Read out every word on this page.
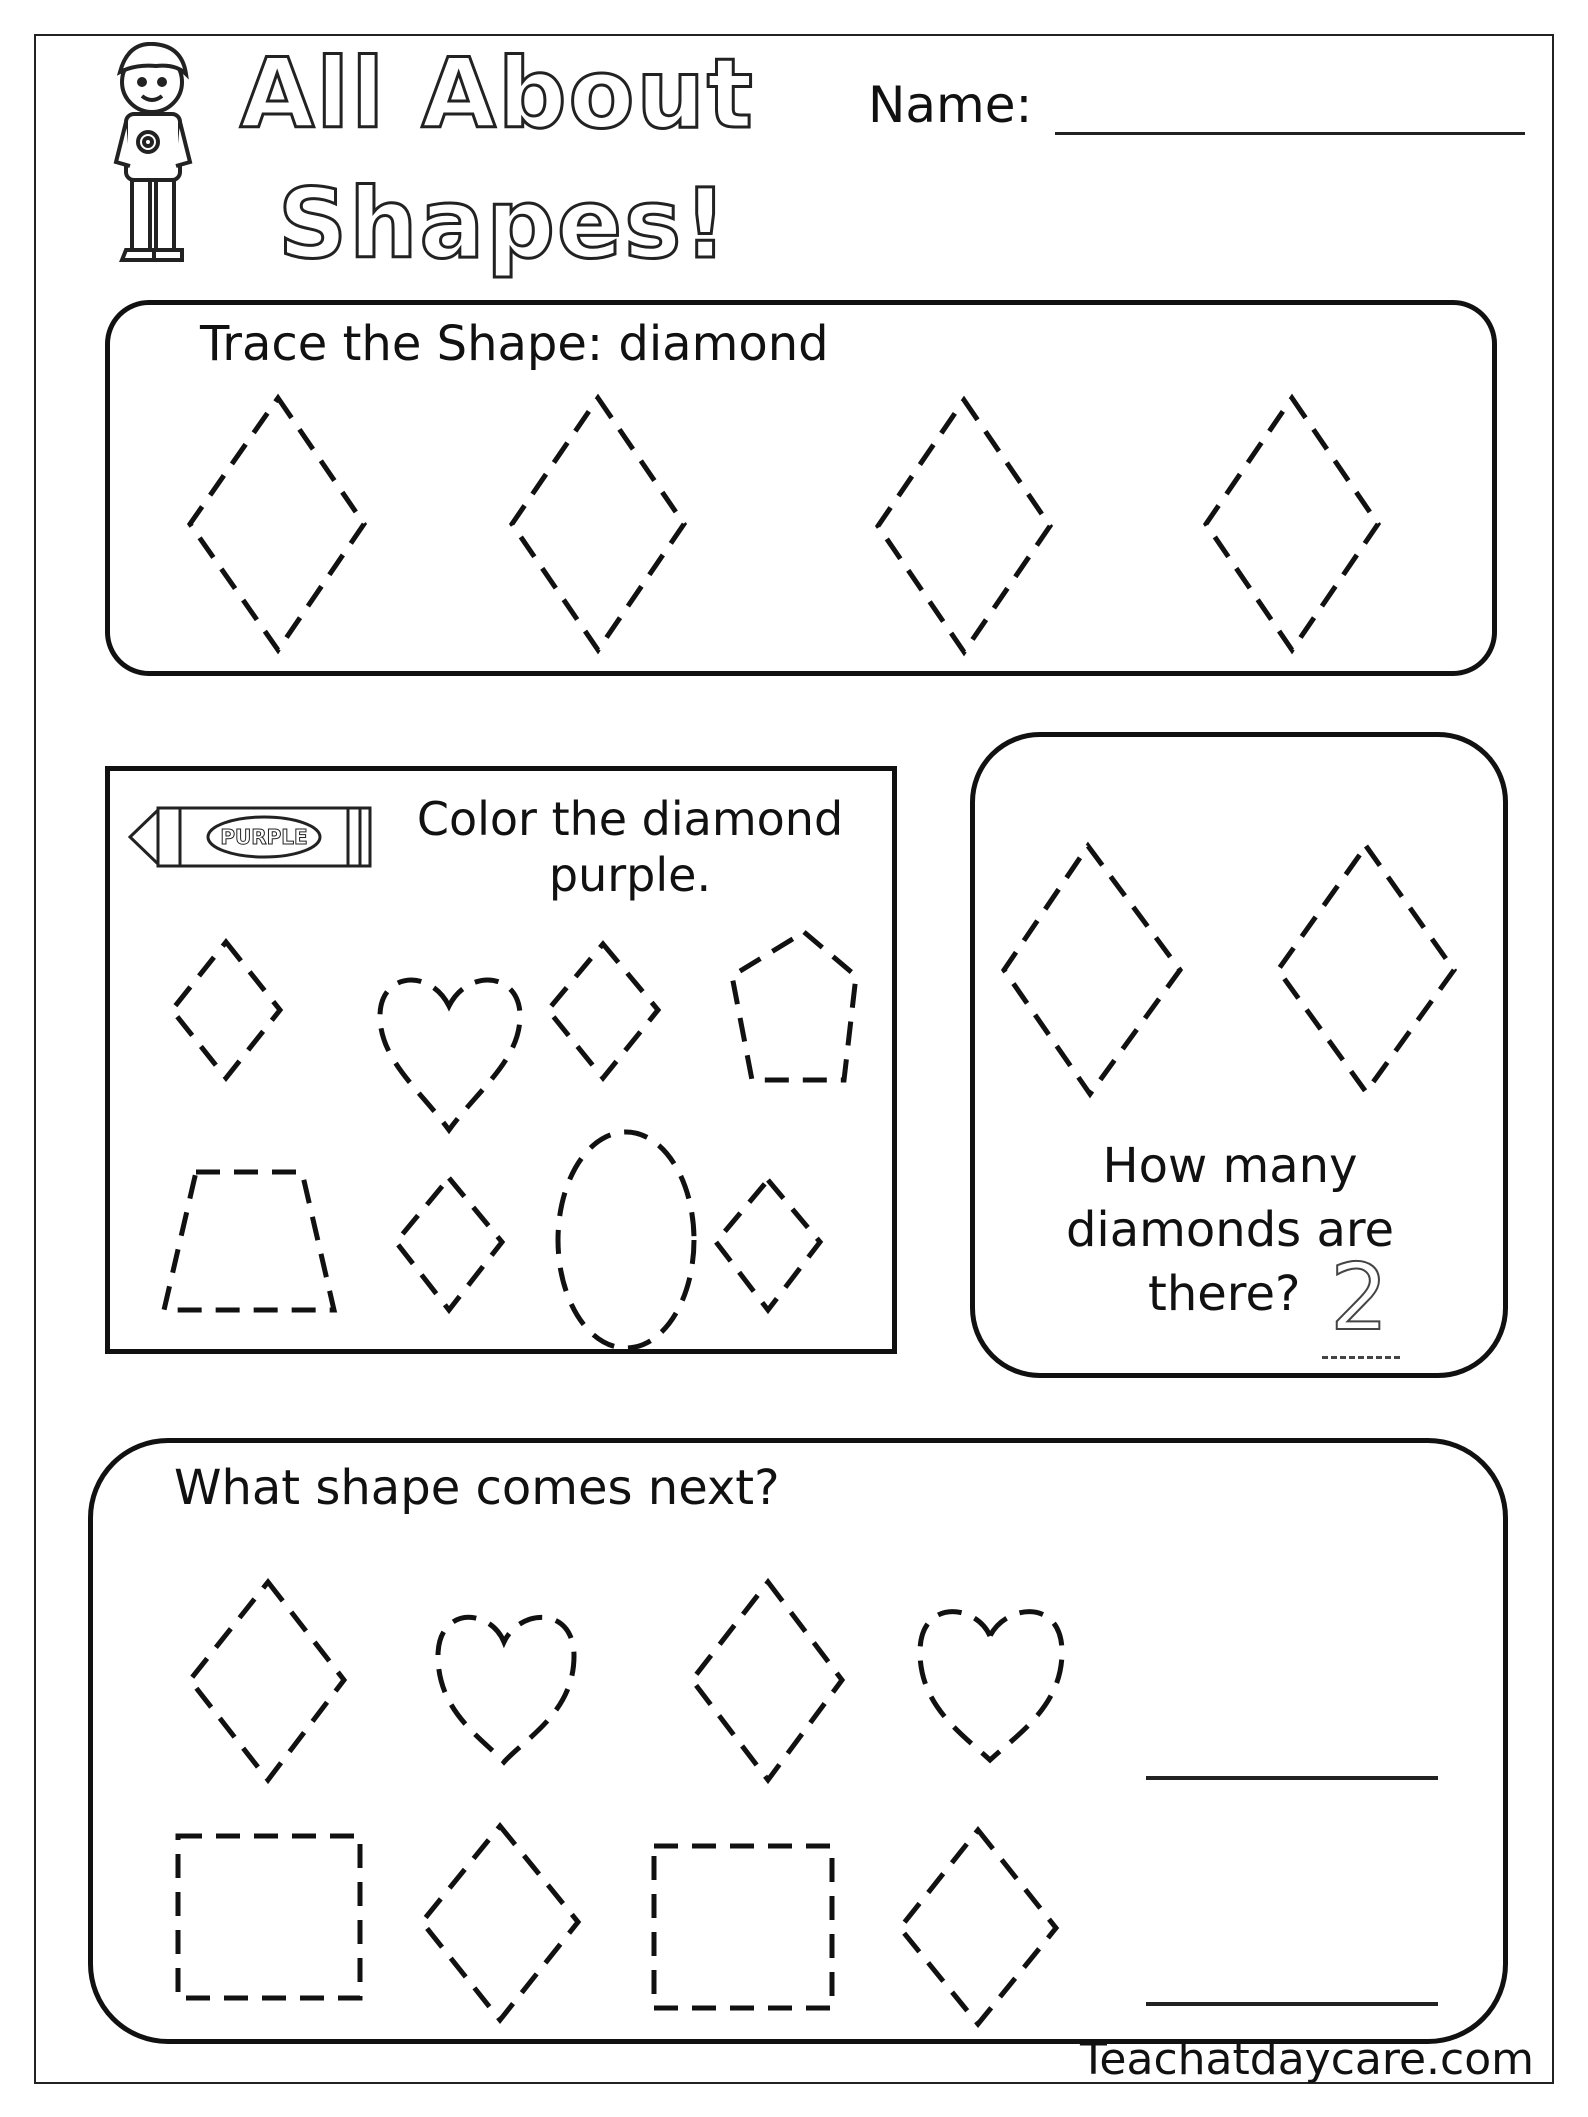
All About
Shapes!
Name:
Trace the Shape: diamond
PURPLE	Color the diamond
purple.
How many
diamonds are
there? 2
What shape comes next?
Teachatdaycare.com
